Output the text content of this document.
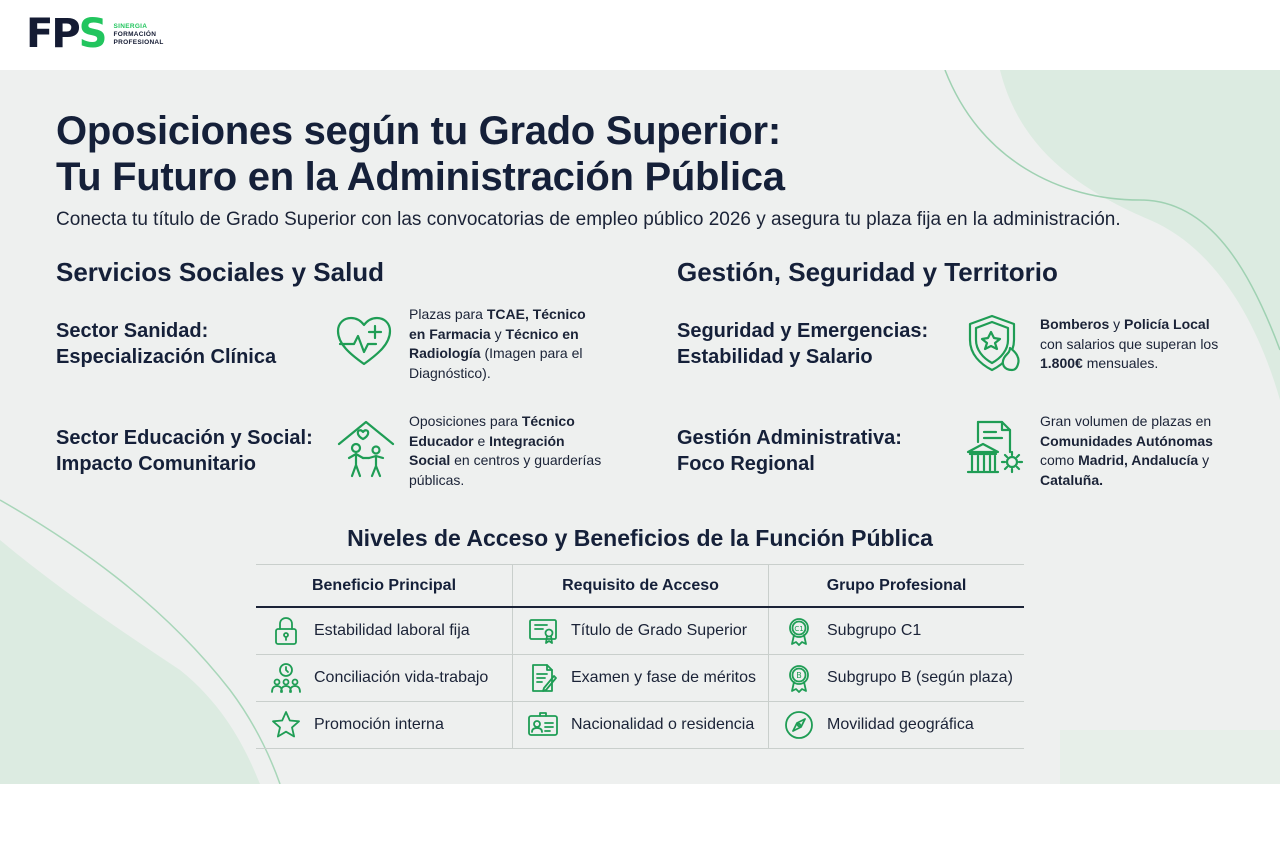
FPS SINERGIA
FORMACIÓN
PROFESIONAL
Oposiciones según tu Grado Superior:
Tu Futuro en la Administración Pública
Conecta tu título de Grado Superior con las convocatorias de empleo público 2026 y asegura tu plaza fija en la administración.
Servicios Sociales y Salud
Sector Sanidad:
Especialización Clínica
Plazas para TCAE, Técnico en Farmacia y Técnico en Radiología (Imagen para el Diagnóstico).
Sector Educación y Social:
Impacto Comunitario
Oposiciones para Técnico Educador e Integración Social en centros y guarderías públicas.
Gestión, Seguridad y Territorio
Seguridad y Emergencias:
Estabilidad y Salario
Bomberos y Policía Local con salarios que superan los 1.800€ mensuales.
Gestión Administrativa:
Foco Regional
Gran volumen de plazas en Comunidades Autónomas como Madrid, Andalucía y Cataluña.
Niveles de Acceso y Beneficios de la Función Pública
Beneficio Principal	Requisito de Acceso	Grupo Profesional
Estabilidad laboral fija	Título de Grado Superior	C1 Subgrupo C1
Conciliación vida-trabajo	Examen y fase de méritos	B Subgrupo B (según plaza)
Promoción interna	Nacionalidad o residencia	Movilidad geográfica
